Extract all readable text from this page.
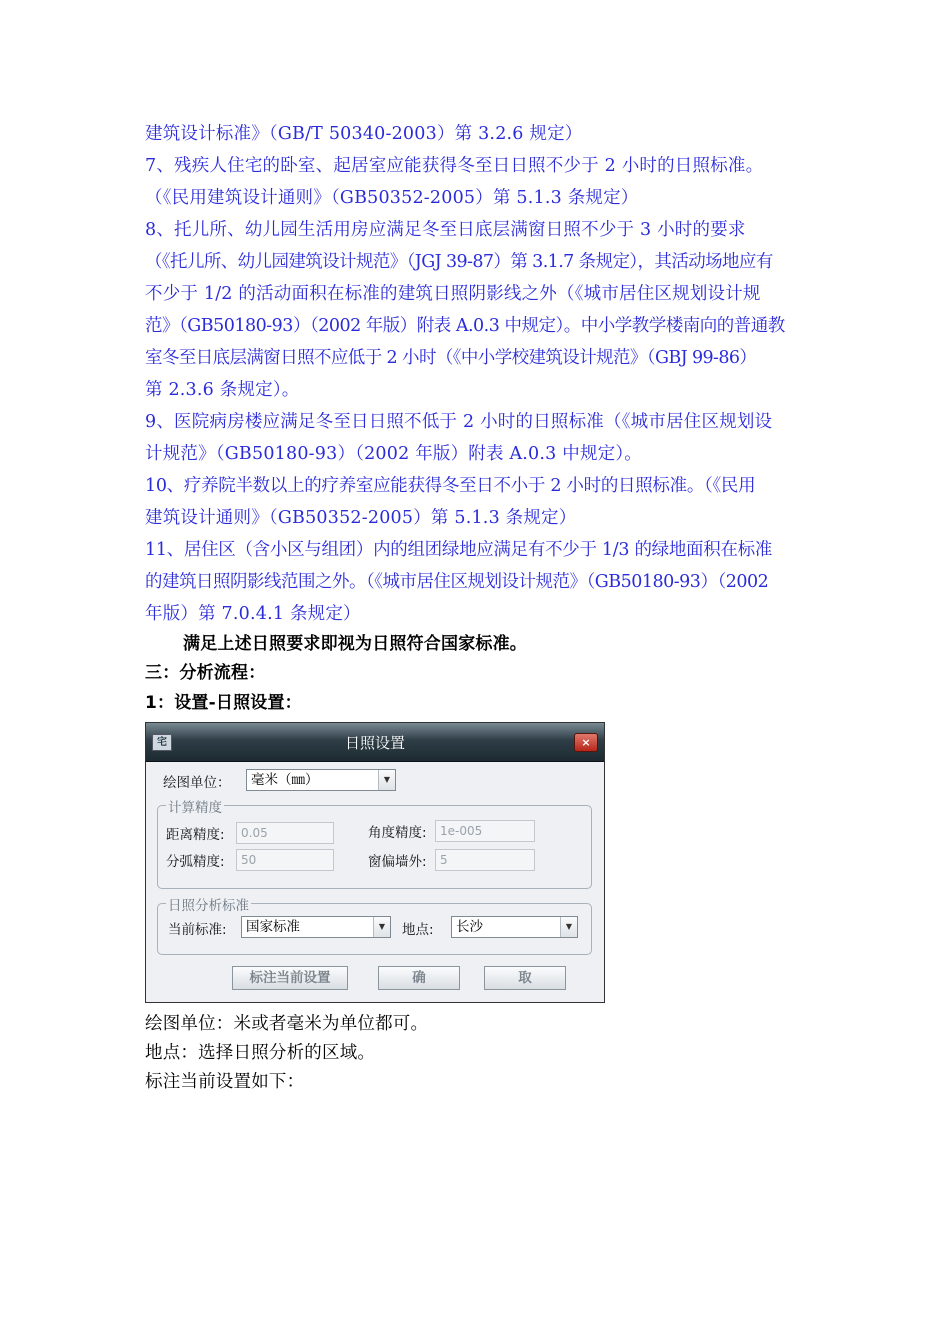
建筑设计标准》（GB/T 50340-2003）第 3.2.6 规定）
7、残疾人住宅的卧室、起居室应能获得冬至日日照不少于 2 小时的日照标准。
（《民用建筑设计通则》（GB50352-2005）第 5.1.3 条规定）
8、托儿所、幼儿园生活用房应满足冬至日底层满窗日照不少于 3 小时的要求
（《托儿所、幼儿园建筑设计规范》（JGJ 39-87）第 3.1.7 条规定），其活动场地应有
不少于 1/2 的活动面积在标准的建筑日照阴影线之外（《城市居住区规划设计规
范》（GB50180-93）（2002 年版）附表 A.0.3 中规定）。中小学教学楼南向的普通教
室冬至日底层满窗日照不应低于 2 小时（《中小学校建筑设计规范》（GBJ 99-86）
第 2.3.6 条规定）。
9、医院病房楼应满足冬至日日照不低于 2 小时的日照标准（《城市居住区规划设
计规范》（GB50180-93）（2002 年版）附表 A.0.3 中规定）。
10、疗养院半数以上的疗养室应能获得冬至日不小于 2 小时的日照标准。（《民用
建筑设计通则》（GB50352-2005）第 5.1.3 条规定）
11、居住区（含小区与组团）内的组团绿地应满足有不少于 1/3 的绿地面积在标准
的建筑日照阴影线范围之外。（《城市居住区规划设计规范》（GB50180-93）（2002
年版）第 7.0.4.1 条规定）
满足上述日照要求即视为日照符合国家标准。
三：分析流程：
1：设置-日照设置：
宅	日照设置	×
绘图单位：	毫米（㎜）	▼
计算精度
距离精度:	0.05	角度精度:	1e-005
分弧精度:	50	窗偏墙外:	5
日照分析标准
当前标准:	国家标准	▼	地点:	长沙	▼
标注当前设置	确	取
绘图单位：米或者毫米为单位都可。
地点：选择日照分析的区域。
标注当前设置如下：
